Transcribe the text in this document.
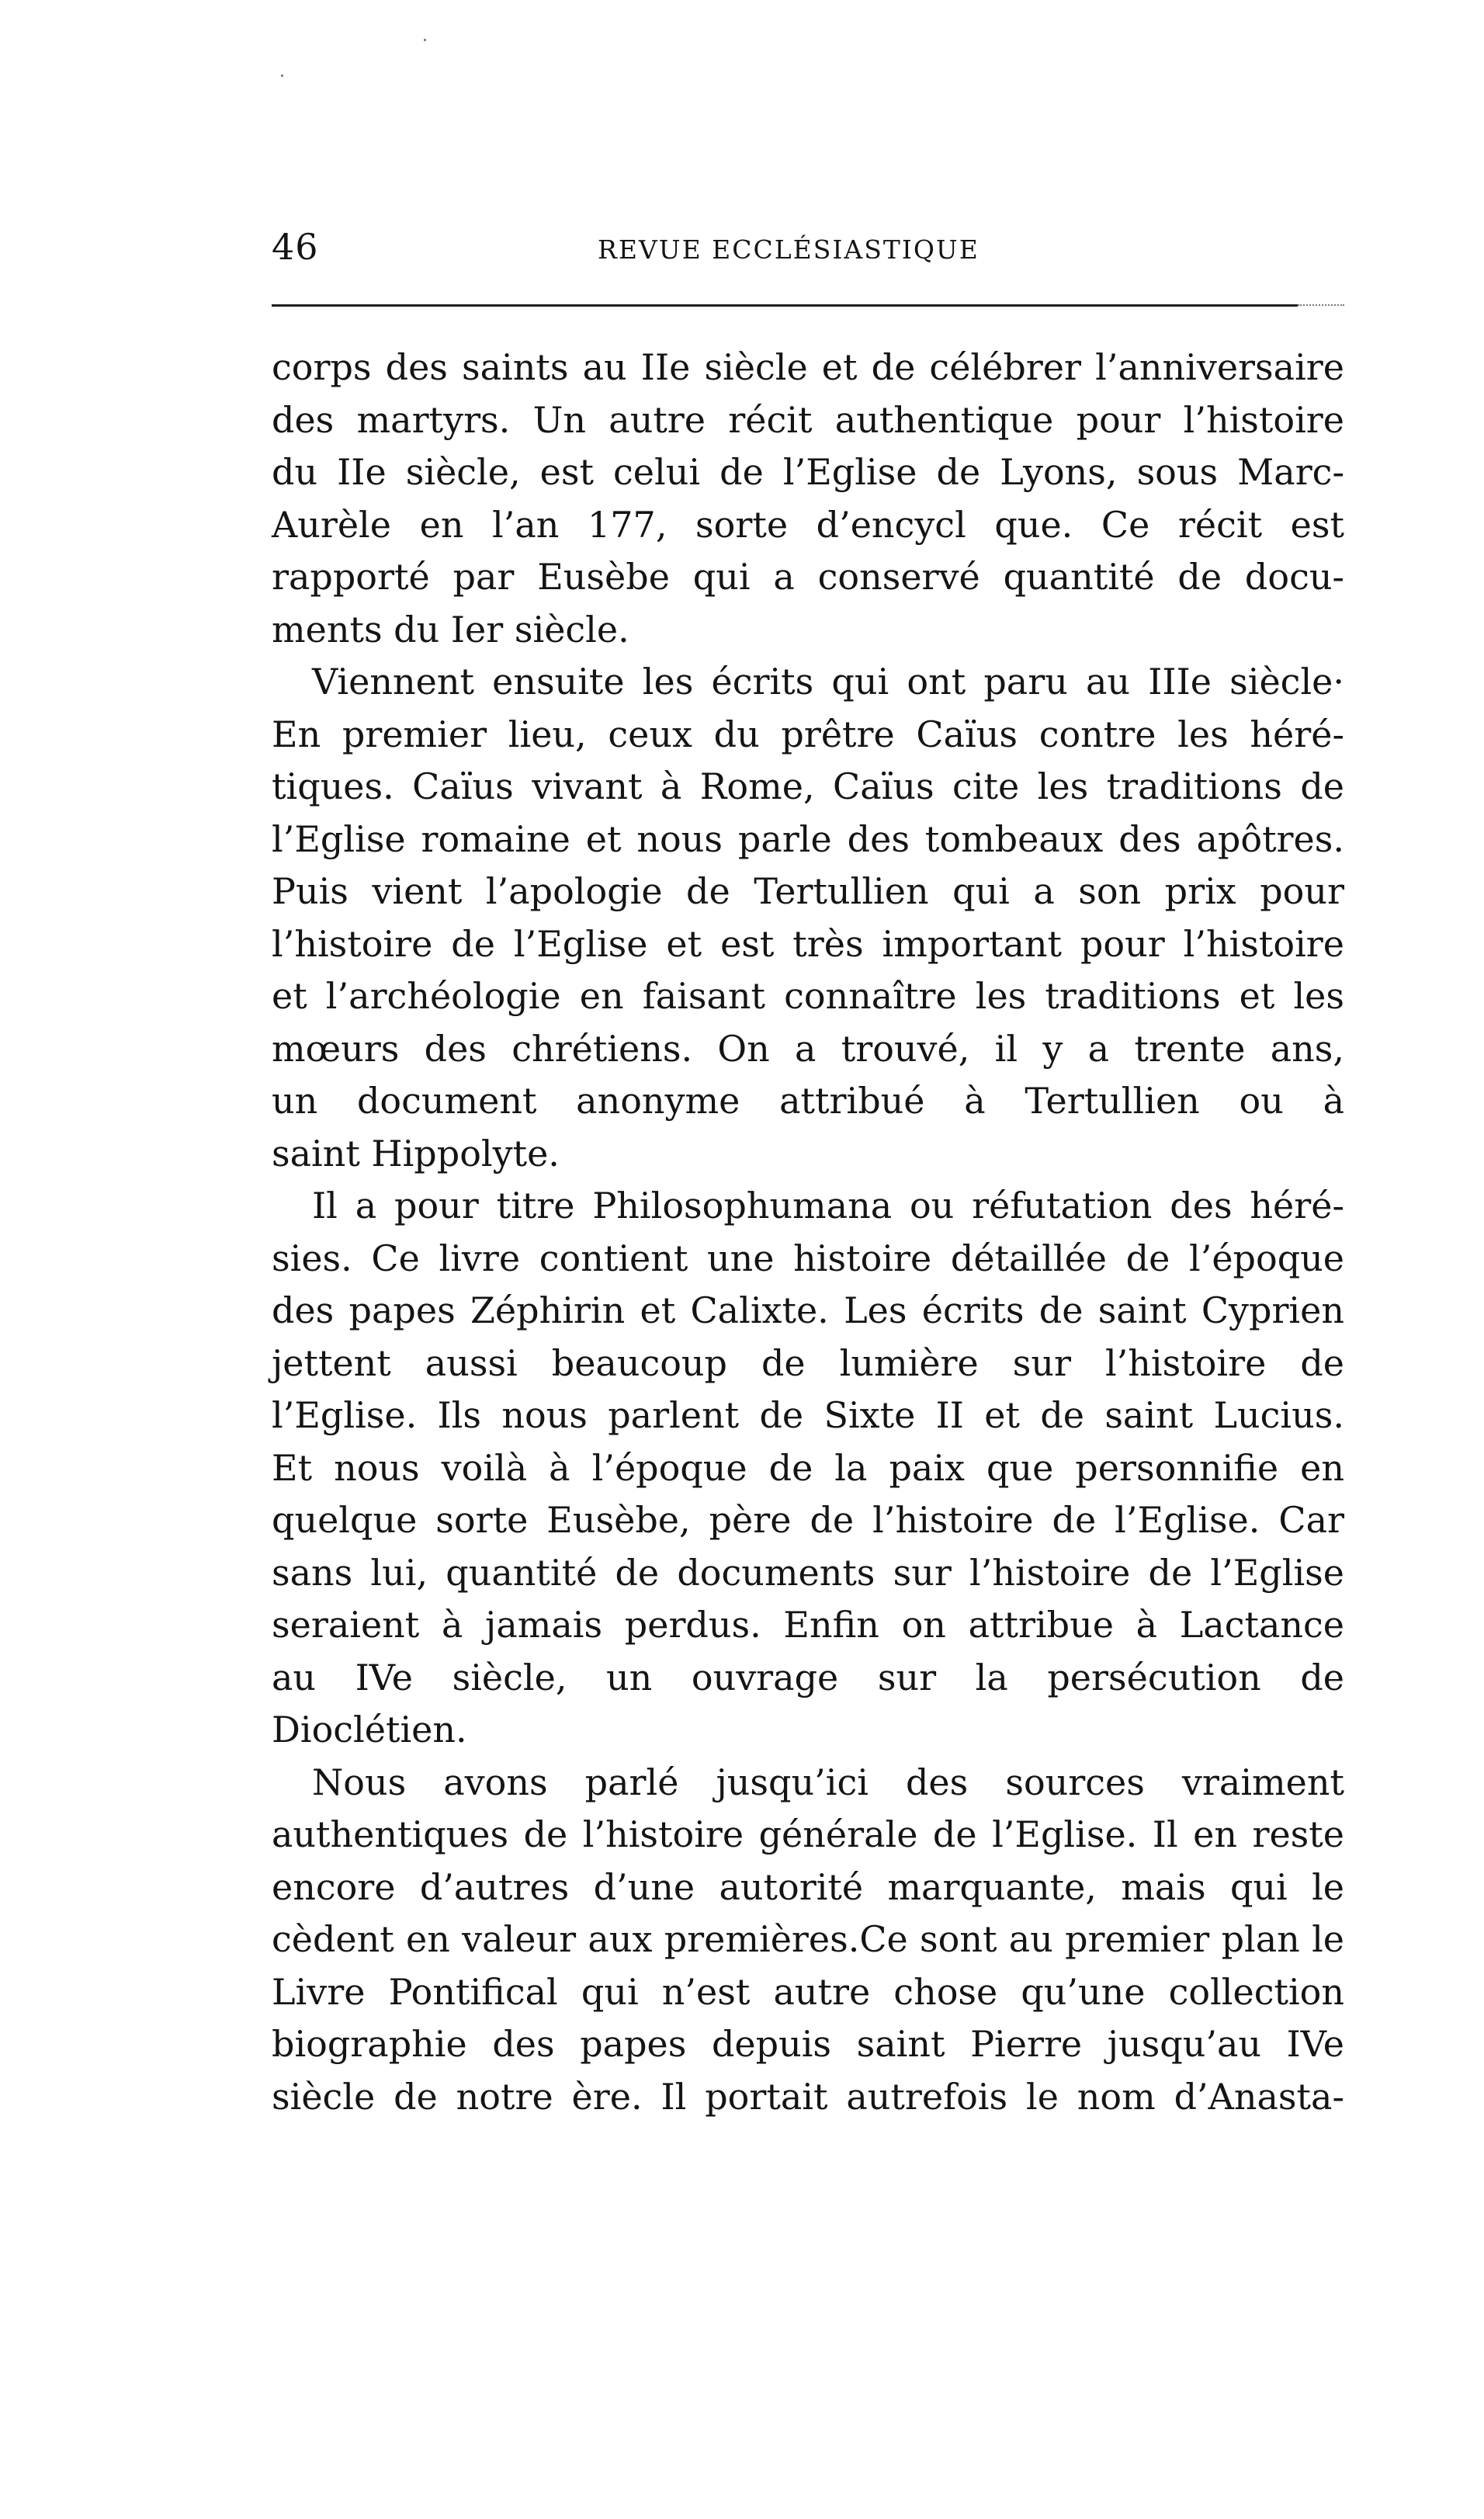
46	REVUE ECCLÉSIASTIQUE
corps des saints au IIe siècle et de célébrer l’anniversaire
des martyrs. Un autre récit authentique pour l’histoire
du IIe siècle, est celui de l’Eglise de Lyons, sous Marc-
Aurèle en l’an 177, sorte d’encycl que. Ce récit est
rapporté par Eusèbe qui a conservé quantité de docu-
ments du Ier siècle.
Viennent ensuite les écrits qui ont paru au IIIe siècle·
En premier lieu, ceux du prêtre Caïus contre les héré-
tiques. Caïus vivant à Rome, Caïus cite les traditions de
l’Eglise romaine et nous parle des tombeaux des apôtres.
Puis vient l’apologie de Tertullien qui a son prix pour
l’histoire de l’Eglise et est très important pour l’histoire
et l’archéologie en faisant connaître les traditions et les
mœurs des chrétiens. On a trouvé, il y a trente ans,
un document anonyme attribué à Tertullien ou à
saint Hippolyte.
Il a pour titre Philosophumana ou réfutation des héré-
sies. Ce livre contient une histoire détaillée de l’époque
des papes Zéphirin et Calixte. Les écrits de saint Cyprien
jettent aussi beaucoup de lumière sur l’histoire de
l’Eglise. Ils nous parlent de Sixte II et de saint Lucius.
Et nous voilà à l’époque de la paix que personnifie en
quelque sorte Eusèbe, père de l’histoire de l’Eglise. Car
sans lui, quantité de documents sur l’histoire de l’Eglise
seraient à jamais perdus. Enfin on attribue à Lactance
au IVe siècle, un ouvrage sur la persécution de
Dioclétien.
Nous avons parlé jusqu’ici des sources vraiment
authentiques de l’histoire générale de l’Eglise. Il en reste
encore d’autres d’une autorité marquante, mais qui le
cèdent en valeur aux premières.Ce sont au premier plan le
Livre Pontifical qui n’est autre chose qu’une collection
biographie des papes depuis saint Pierre jusqu’au IVe
siècle de notre ère. Il portait autrefois le nom d’Anasta-
